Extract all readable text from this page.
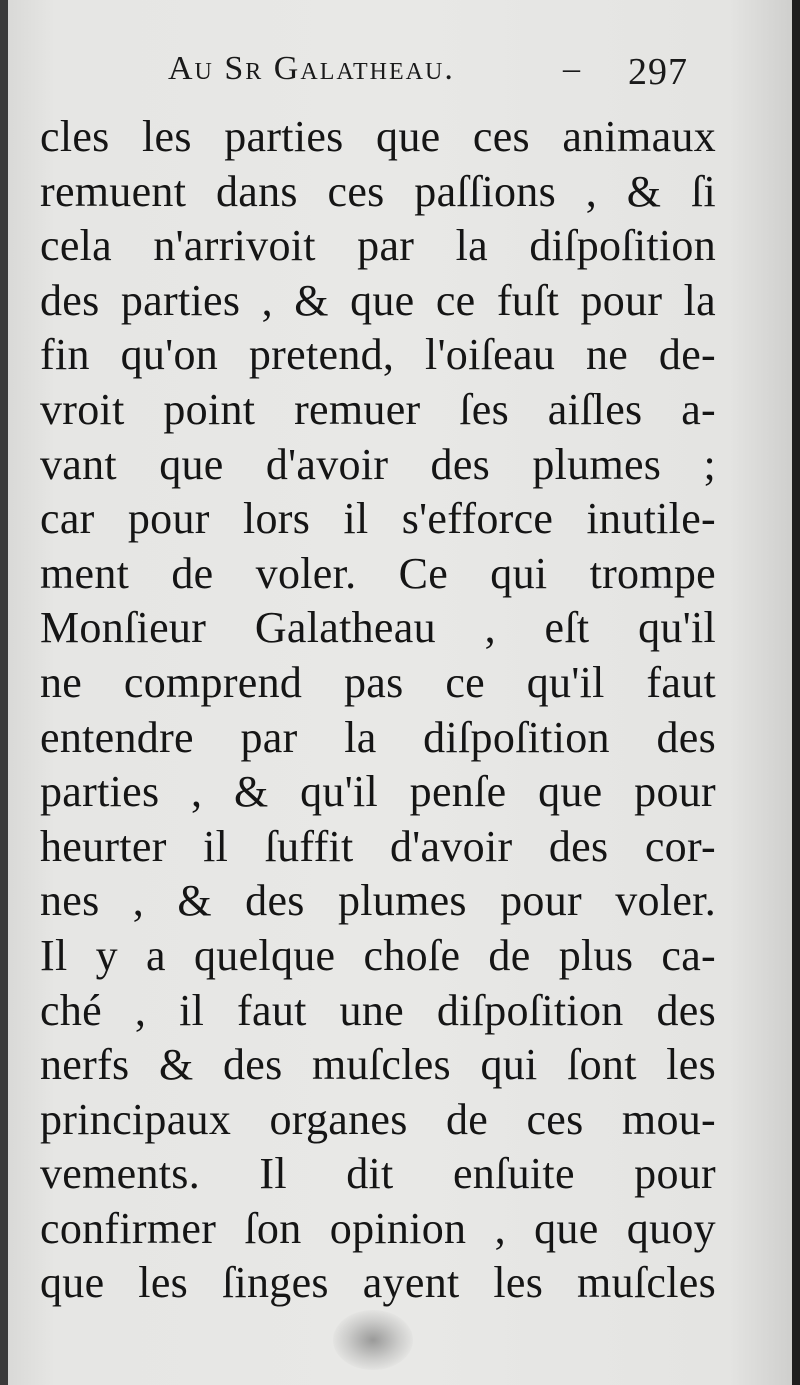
Au Sr Galatheau.	– 297
cles les parties que ces animaux
remuent dans ces paſſions , & ſi
cela n'arrivoit par la diſpoſition
des parties , & que ce fuſt pour la
fin qu'on pretend, l'oiſeau ne de-
vroit point remuer ſes aiſles a-
vant que d'avoir des plumes ;
car pour lors il s'efforce inutile-
ment de voler. Ce qui trompe
Monſieur Galatheau , eſt qu'il
ne comprend pas ce qu'il faut
entendre par la diſpoſition des
parties , & qu'il penſe que pour
heurter il ſuffit d'avoir des cor-
nes , & des plumes pour voler.
Il y a quelque choſe de plus ca-
ché , il faut une diſpoſition des
nerfs & des muſcles qui ſont les
principaux organes de ces mou-
vements. Il dit enſuite pour
confirmer ſon opinion , que quoy
que les ſinges ayent les muſcles
